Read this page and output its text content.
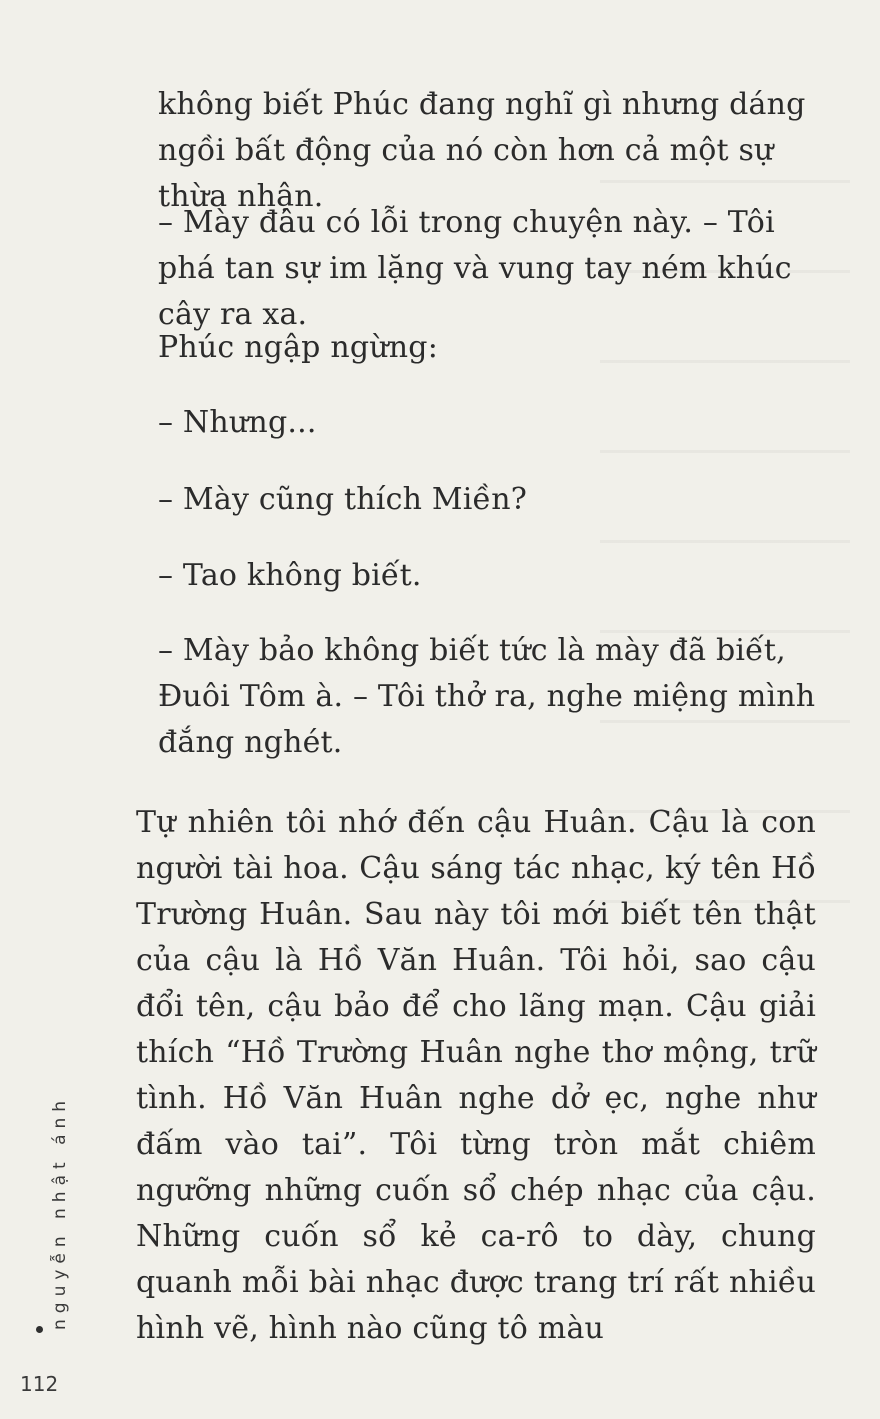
không biết Phúc đang nghĩ gì nhưng dáng ngồi bất động của nó còn hơn cả một sự thừa nhận.

– Mày đâu có lỗi trong chuyện này. – Tôi phá tan sự im lặng và vung tay ném khúc cây ra xa.

Phúc ngập ngừng:

– Nhưng...

– Mày cũng thích Miền?

– Tao không biết.

– Mày bảo không biết tức là mày đã biết, Đuôi Tôm à. – Tôi thở ra, nghe miệng mình đắng nghét.

Tự nhiên tôi nhớ đến cậu Huân. Cậu là con người tài hoa. Cậu sáng tác nhạc, ký tên Hồ Trường Huân. Sau này tôi mới biết tên thật của cậu là Hồ Văn Huân. Tôi hỏi, sao cậu đổi tên, cậu bảo để cho lãng mạn. Cậu giải thích “Hồ Trường Huân nghe thơ mộng, trữ tình. Hồ Văn Huân nghe dở ẹc, nghe như đấm vào tai”. Tôi từng tròn mắt chiêm ngưỡng những cuốn sổ chép nhạc của cậu. Những cuốn sổ kẻ ca-rô to dày, chung quanh mỗi bài nhạc được trang trí rất nhiều hình vẽ, hình nào cũng tô màu

nguyễn nhật ánh
112
